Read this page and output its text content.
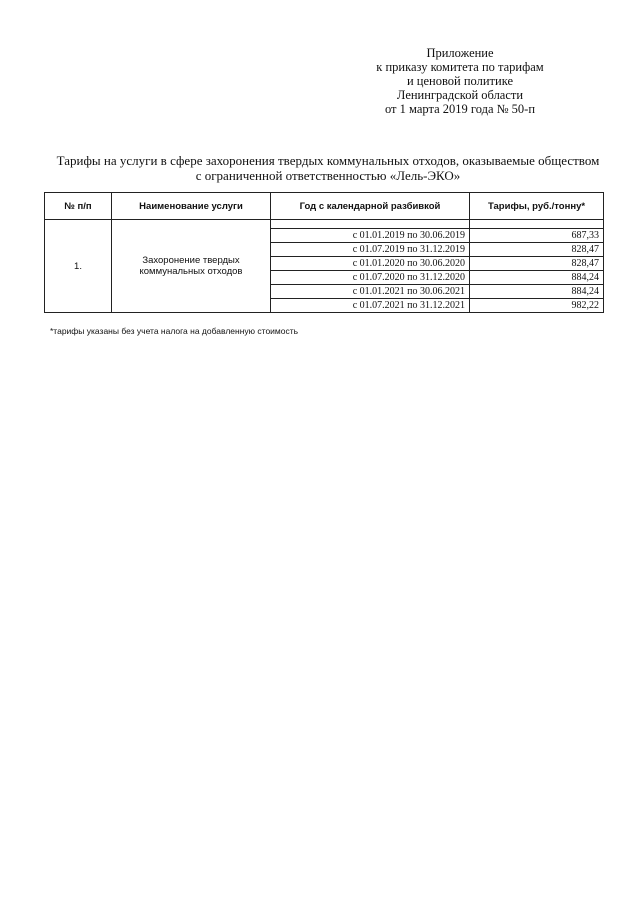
Приложение
к приказу комитета по тарифам
и ценовой политике
Ленинградской области
от 1 марта 2019 года № 50-п
Тарифы на услуги в сфере захоронения твердых коммунальных отходов, оказываемые обществом
с ограниченной ответственностью «Лель-ЭКО»
№ п/п	Наименование услуги	Год с календарной разбивкой	Тарифы, руб./тонну*
1.	Захоронение твердых
коммунальных отходов		
		с 01.01.2019 по 30.06.2019	687,33
		с 01.07.2019 по 31.12.2019	828,47
		с 01.01.2020 по 30.06.2020	828,47
		с 01.07.2020 по 31.12.2020	884,24
		с 01.01.2021 по 30.06.2021	884,24
		с 01.07.2021 по 31.12.2021	982,22
*тарифы указаны без учета налога на добавленную стоимость
